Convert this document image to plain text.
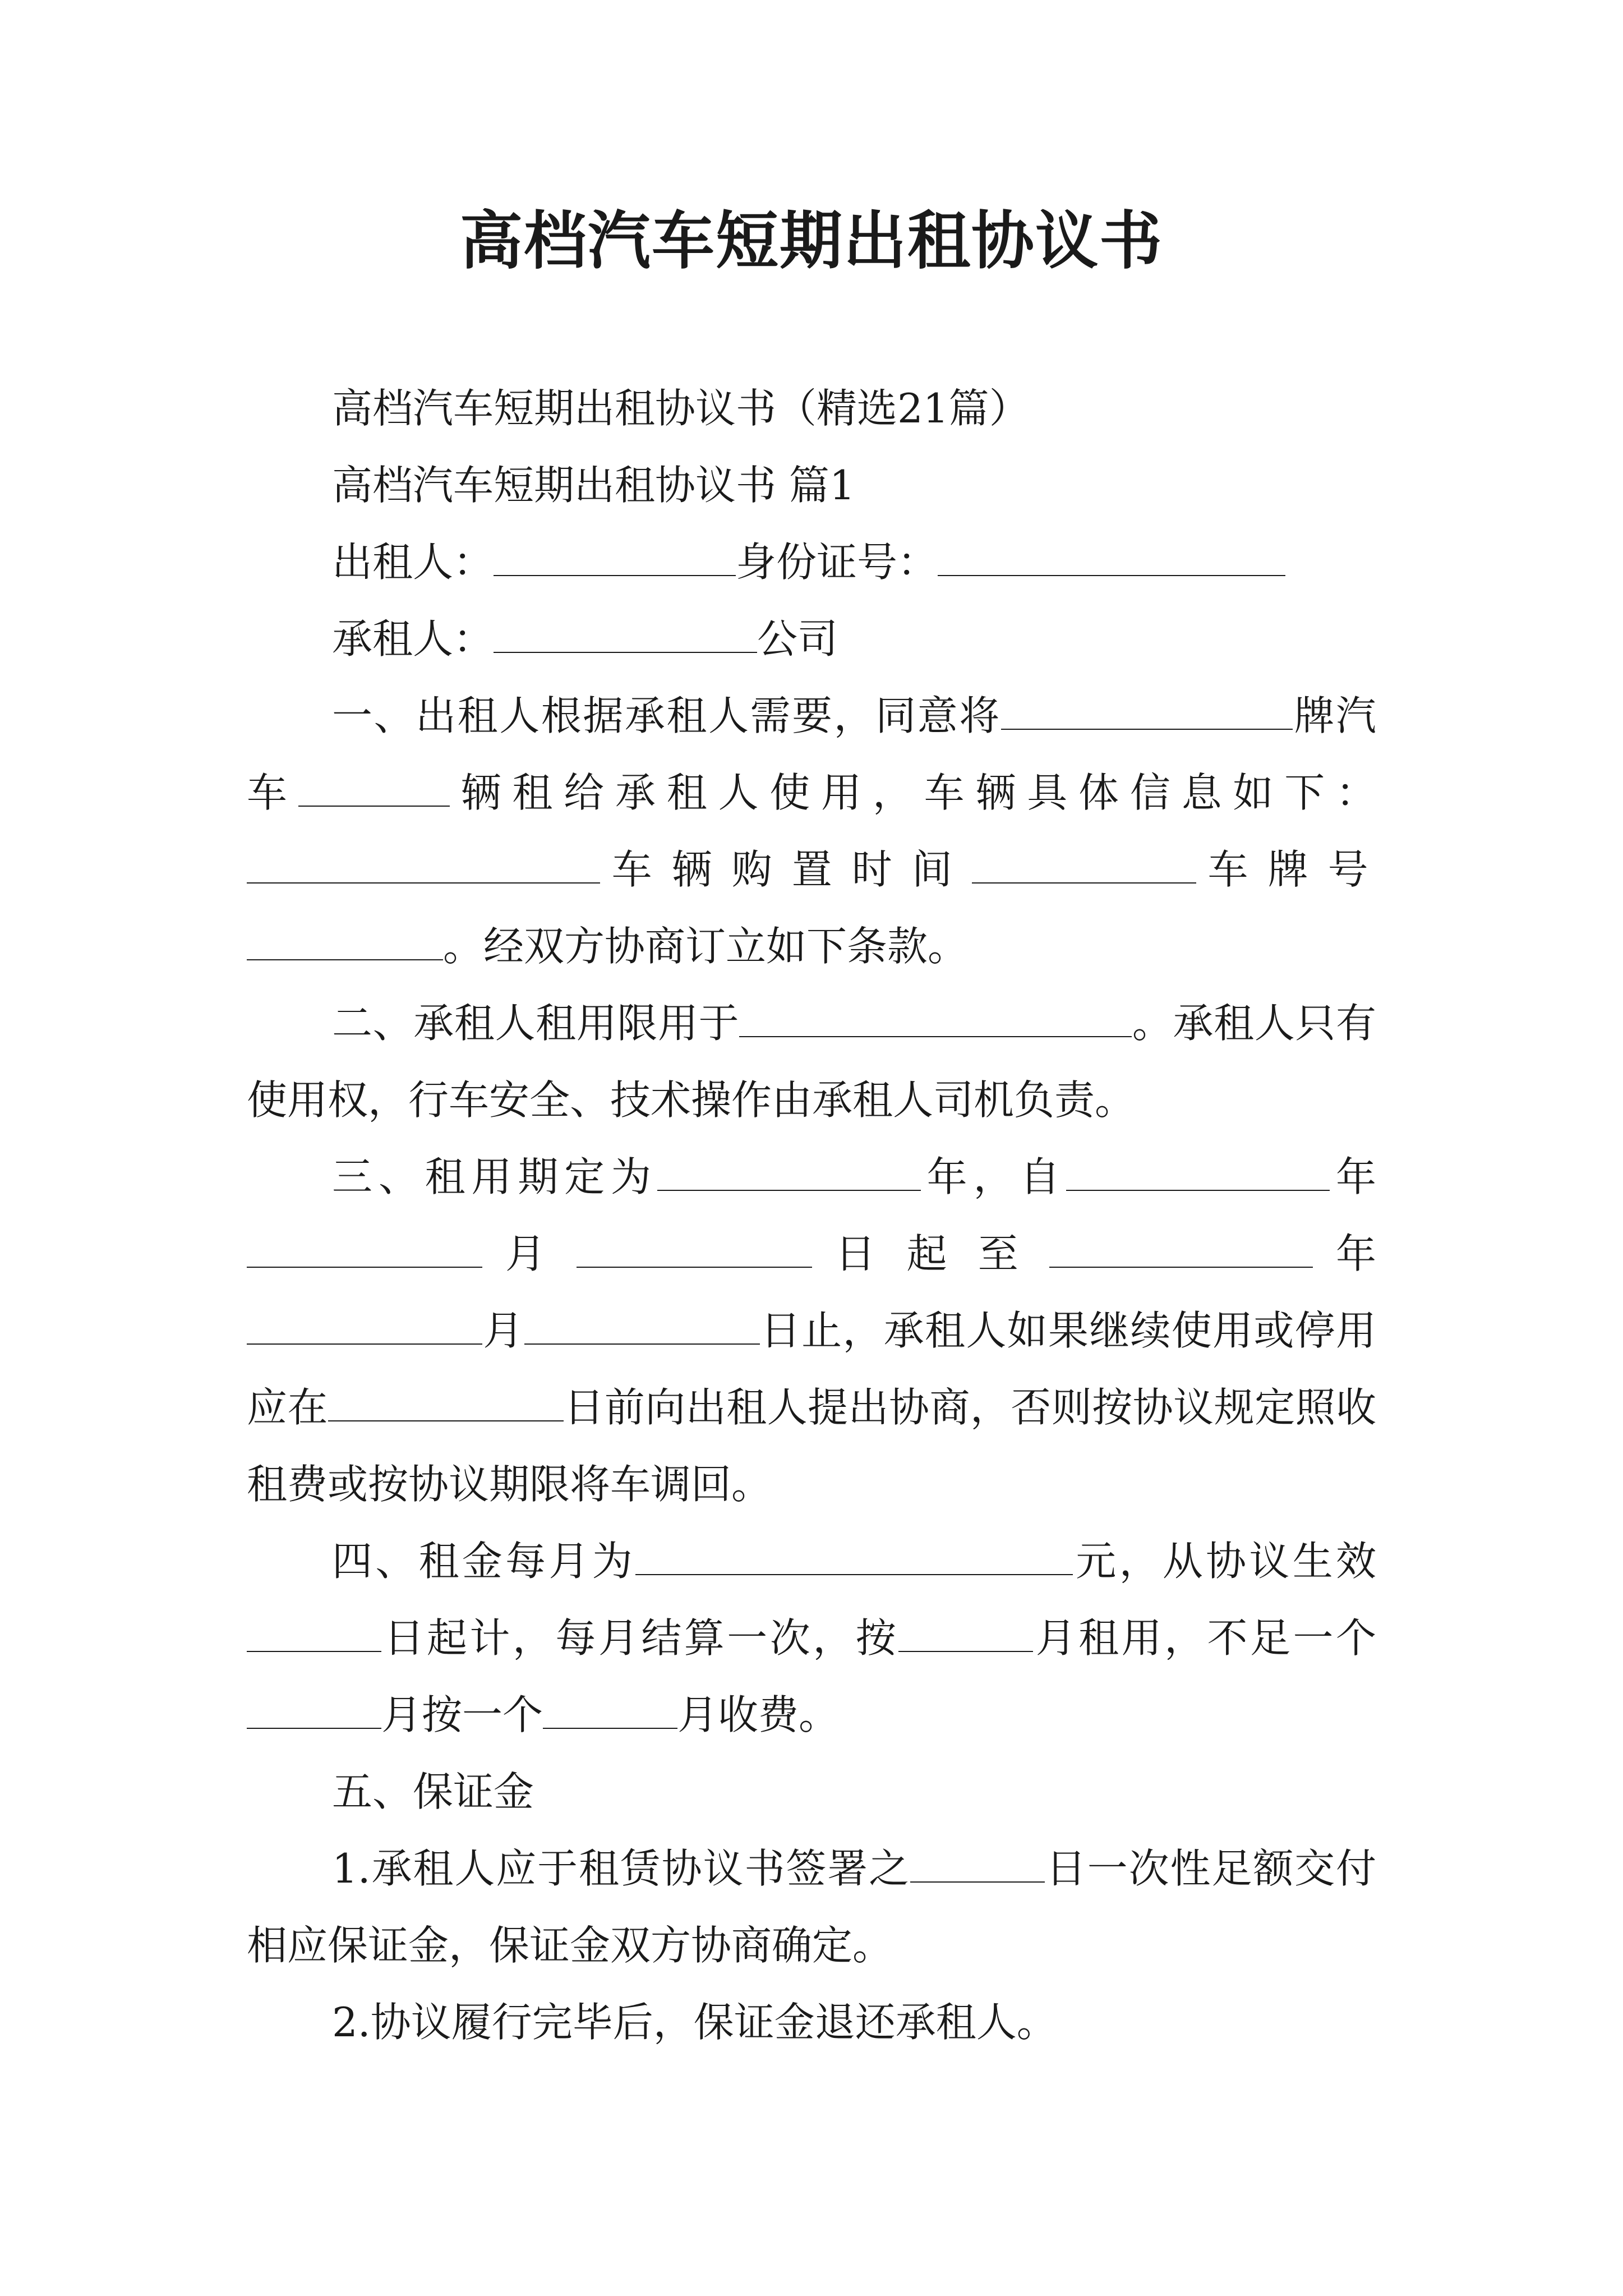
高档汽车短期出租协议书

高档汽车短期出租协议书（精选21篇）

高档汽车短期出租协议书 篇1

出租人：	身份证号：

承租人：	公司

一、出租人根据承租人需要，同意将	牌汽车	辆租给承租人使用，车辆具体信息如下：车辆购置时间	车牌号。经双方协商订立如下条款。

二、承租人租用限用于	。承租人只有使用权，行车安全、技术操作由承租人司机负责。

三、租用期定为	年，自	年月	日起至	年月	日止，承租人如果继续使用或停用应在	日前向出租人提出协商，否则按协议规定照收租费或按协议期限将车调回。

四、租金每月为	元，从协议生效日起计，每月结算一次，按	月租用，不足一个月按一个	月收费。

五、保证金

1.承租人应于租赁协议书签署之	日一次性足额交付相应保证金，保证金双方协商确定。

2.协议履行完毕后，保证金退还承租人。
